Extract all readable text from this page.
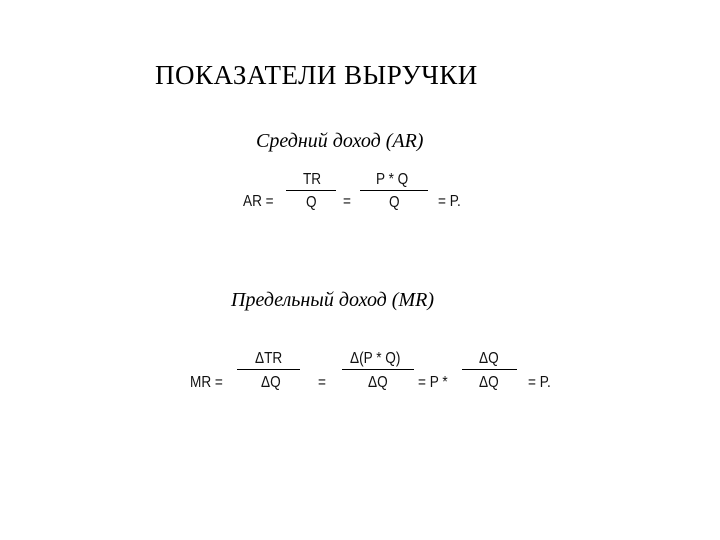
ПОКАЗАТЕЛИ ВЫРУЧКИ
Средний доход (AR)
AR =
TR
Q =
P * Q
Q = P.
Предельный доход (MR)
MR =
ΔTR
ΔQ =
Δ(P * Q)
ΔQ = P *
ΔQ
ΔQ = P.
